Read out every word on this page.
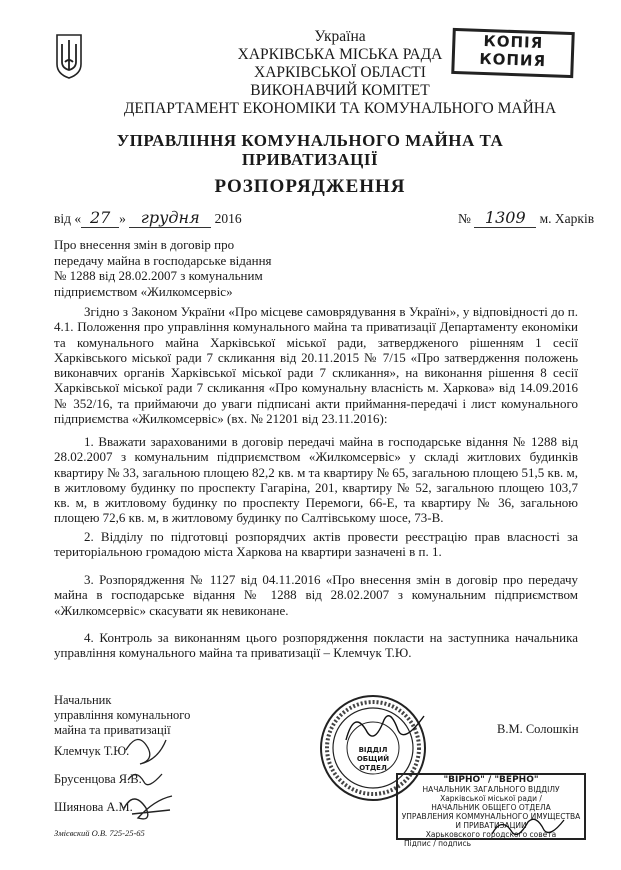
Україна
ХАРКІВСЬКА МІСЬКА РАДА
ХАРКІВСЬКОЇ ОБЛАСТІ
ВИКОНАВЧИЙ КОМІТЕТ
ДЕПАРТАМЕНТ ЕКОНОМІКИ ТА КОМУНАЛЬНОГО МАЙНА
КОПІЯ
КОПИЯ
УПРАВЛІННЯ КОМУНАЛЬНОГО МАЙНА ТА
ПРИВАТИЗАЦІЇ
РОЗПОРЯДЖЕННЯ
від « 27 » грудня 2016	№ 1309 м. Харків
Про внесення змін в договір про
передачу майна в господарське відання
№ 1288 від 28.02.2007 з комунальним
підприємством «Жилкомсервіс»
Згідно з Законом України «Про місцеве самоврядування в Україні», у відповідності до п. 4.1. Положення про управління комунального майна та приватизації Департаменту економіки та комунального майна Харківської міської ради, затвердженого рішенням 1 сесії Харківського міської ради 7 скликання від 20.11.2015 № 7/15 «Про затвердження положень виконавчих органів Харківської міської ради 7 скликання», на виконання рішення 8 сесії Харківської міської ради 7 скликання «Про комунальну власність м. Харкова» від 14.09.2016 № 352/16, та приймаючи до уваги підписані акти приймання-передачі і лист комунального підприємства «Жилкомсервіс» (вх. № 21201 від 23.11.2016):
1. Вважати зарахованими в договір передачі майна в господарське відання № 1288 від 28.02.2007 з комунальним підприємством «Жилкомсервіс» у складі житлових будинків квартиру № 33, загальною площею 82,2 кв. м та квартиру № 65, загальною площею 51,5 кв. м, в житловому будинку по проспекту Гагаріна, 201, квартиру № 52, загальною площею 103,7 кв. м, в житловому будинку по проспекту Перемоги, 66-Е, та квартиру № 36, загальною площею 72,6 кв. м, в житловому будинку по Салтівському шосе, 73-В.
2. Відділу по підготовці розпорядчих актів провести реєстрацію прав власності за територіальною громадою міста Харкова на квартири зазначені в п. 1.
3. Розпорядження № 1127 від 04.11.2016 «Про внесення змін в договір про передачу майна в господарське відання № 1288 від 28.02.2007 з комунальним підприємством «Жилкомсервіс» скасувати як невиконане.
4. Контроль за виконанням цього розпорядження покласти на заступника начальника управління комунального майна та приватизації – Клемчук Т.Ю.
Начальник
управління комунального
майна та приватизації
Клемчук Т.Ю.
Брусенцова Я.В.
Шиянова А.М.
Змієвский О.В. 725-25-65
ВІДДІЛ
ОБЩИЙ ОТДЕЛ
В.М. Солошкін
"ВІРНО" / "ВЕРНО"
НАЧАЛЬНИК ЗАГАЛЬНОГО ВІДДІЛУ
Харківської міської ради /
НАЧАЛЬНИК ОБЩЕГО ОТДЕЛА
УПРАВЛЕНИЯ КОММУНАЛЬНОГО ИМУЩЕСТВА И ПРИВАТИЗАЦИИ
Харьковского городского совета
Підпис / подпись
